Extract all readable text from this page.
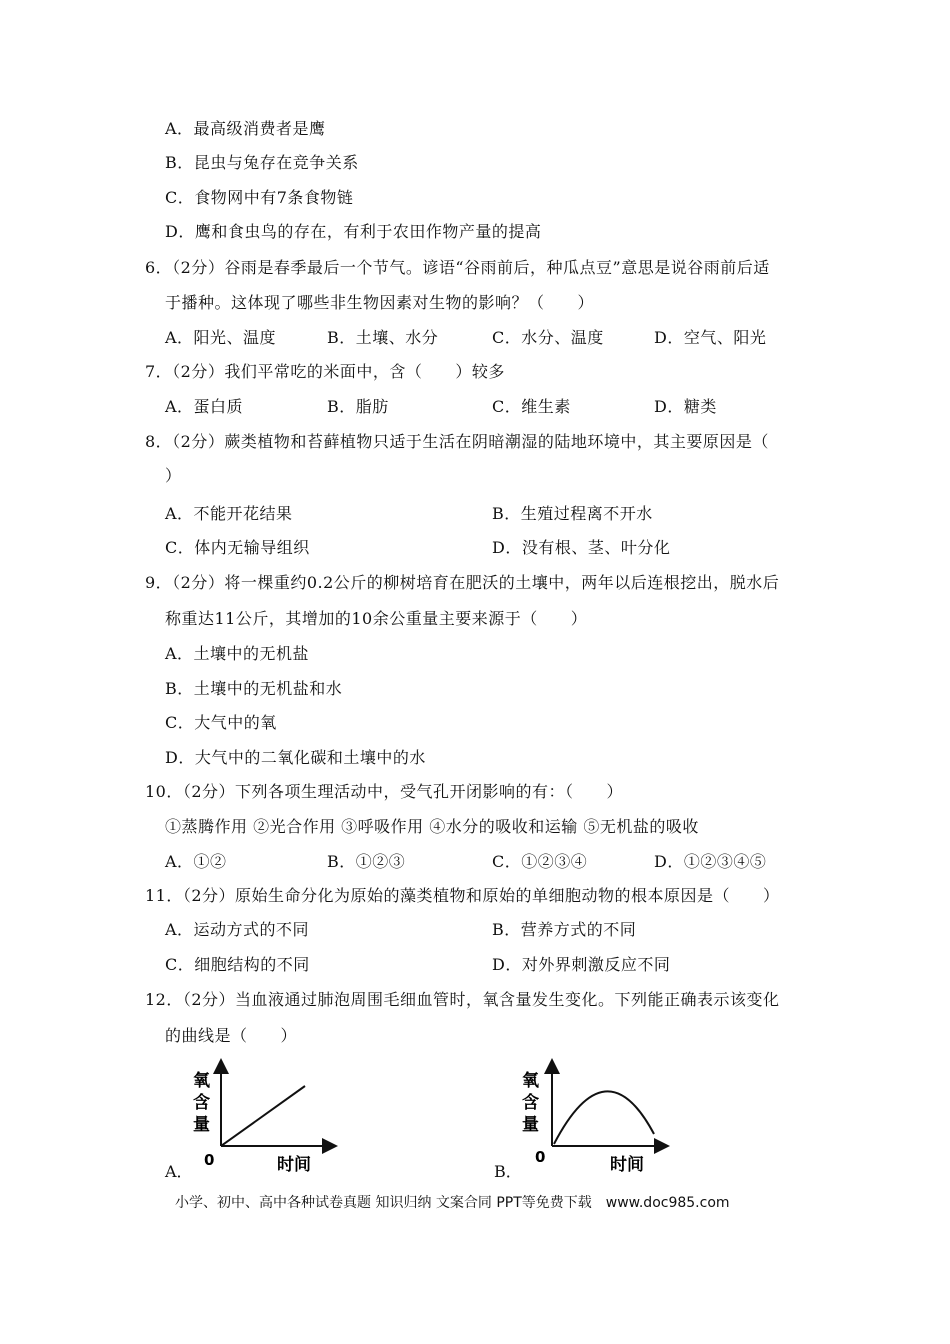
A．最高级消费者是鹰
B．昆虫与兔存在竞争关系
C．食物网中有7条食物链
D．鹰和食虫鸟的存在，有利于农田作物产量的提高
6．（2分）谷雨是春季最后一个节气。谚语“谷雨前后，种瓜点豆”意思是说谷雨前后适
于播种。这体现了哪些非生物因素对生物的影响？（　　）
A．阳光、温度	B．土壤、水分	C．水分、温度	D．空气、阳光
7．（2分）我们平常吃的米面中，含（　　）较多
A．蛋白质	B．脂肪	C．维生素	D．糖类
8．（2分）蕨类植物和苔藓植物只适于生活在阴暗潮湿的陆地环境中，其主要原因是（
）
A．不能开花结果	B．生殖过程离不开水
C．体内无输导组织	D．没有根、茎、叶分化
9．（2分）将一棵重约0.2公斤的柳树培育在肥沃的土壤中，两年以后连根挖出，脱水后
称重达11公斤，其增加的10余公重量主要来源于（　　）
A．土壤中的无机盐
B．土壤中的无机盐和水
C．大气中的氧
D．大气中的二氧化碳和土壤中的水
10．（2分）下列各项生理活动中，受气孔开闭影响的有：（　　）
①蒸腾作用 ②光合作用 ③呼吸作用 ④水分的吸收和运输 ⑤无机盐的吸收
A．①②	B．①②③	C．①②③④	D．①②③④⑤
11．（2分）原始生命分化为原始的藻类植物和原始的单细胞动物的根本原因是（　　）
A．运动方式的不同	B．营养方式的不同
C．细胞结构的不同	D．对外界刺激反应不同
12．（2分）当血液通过肺泡周围毛细血管时，氧含量发生变化。下列能正确表示该变化
的曲线是（　　）
A．
氧
含
量
0	时间	B．
氧
含
量
0	时间
小学、初中、高中各种试卷真题 知识归纳 文案合同 PPT等免费下载　www.doc985.com
